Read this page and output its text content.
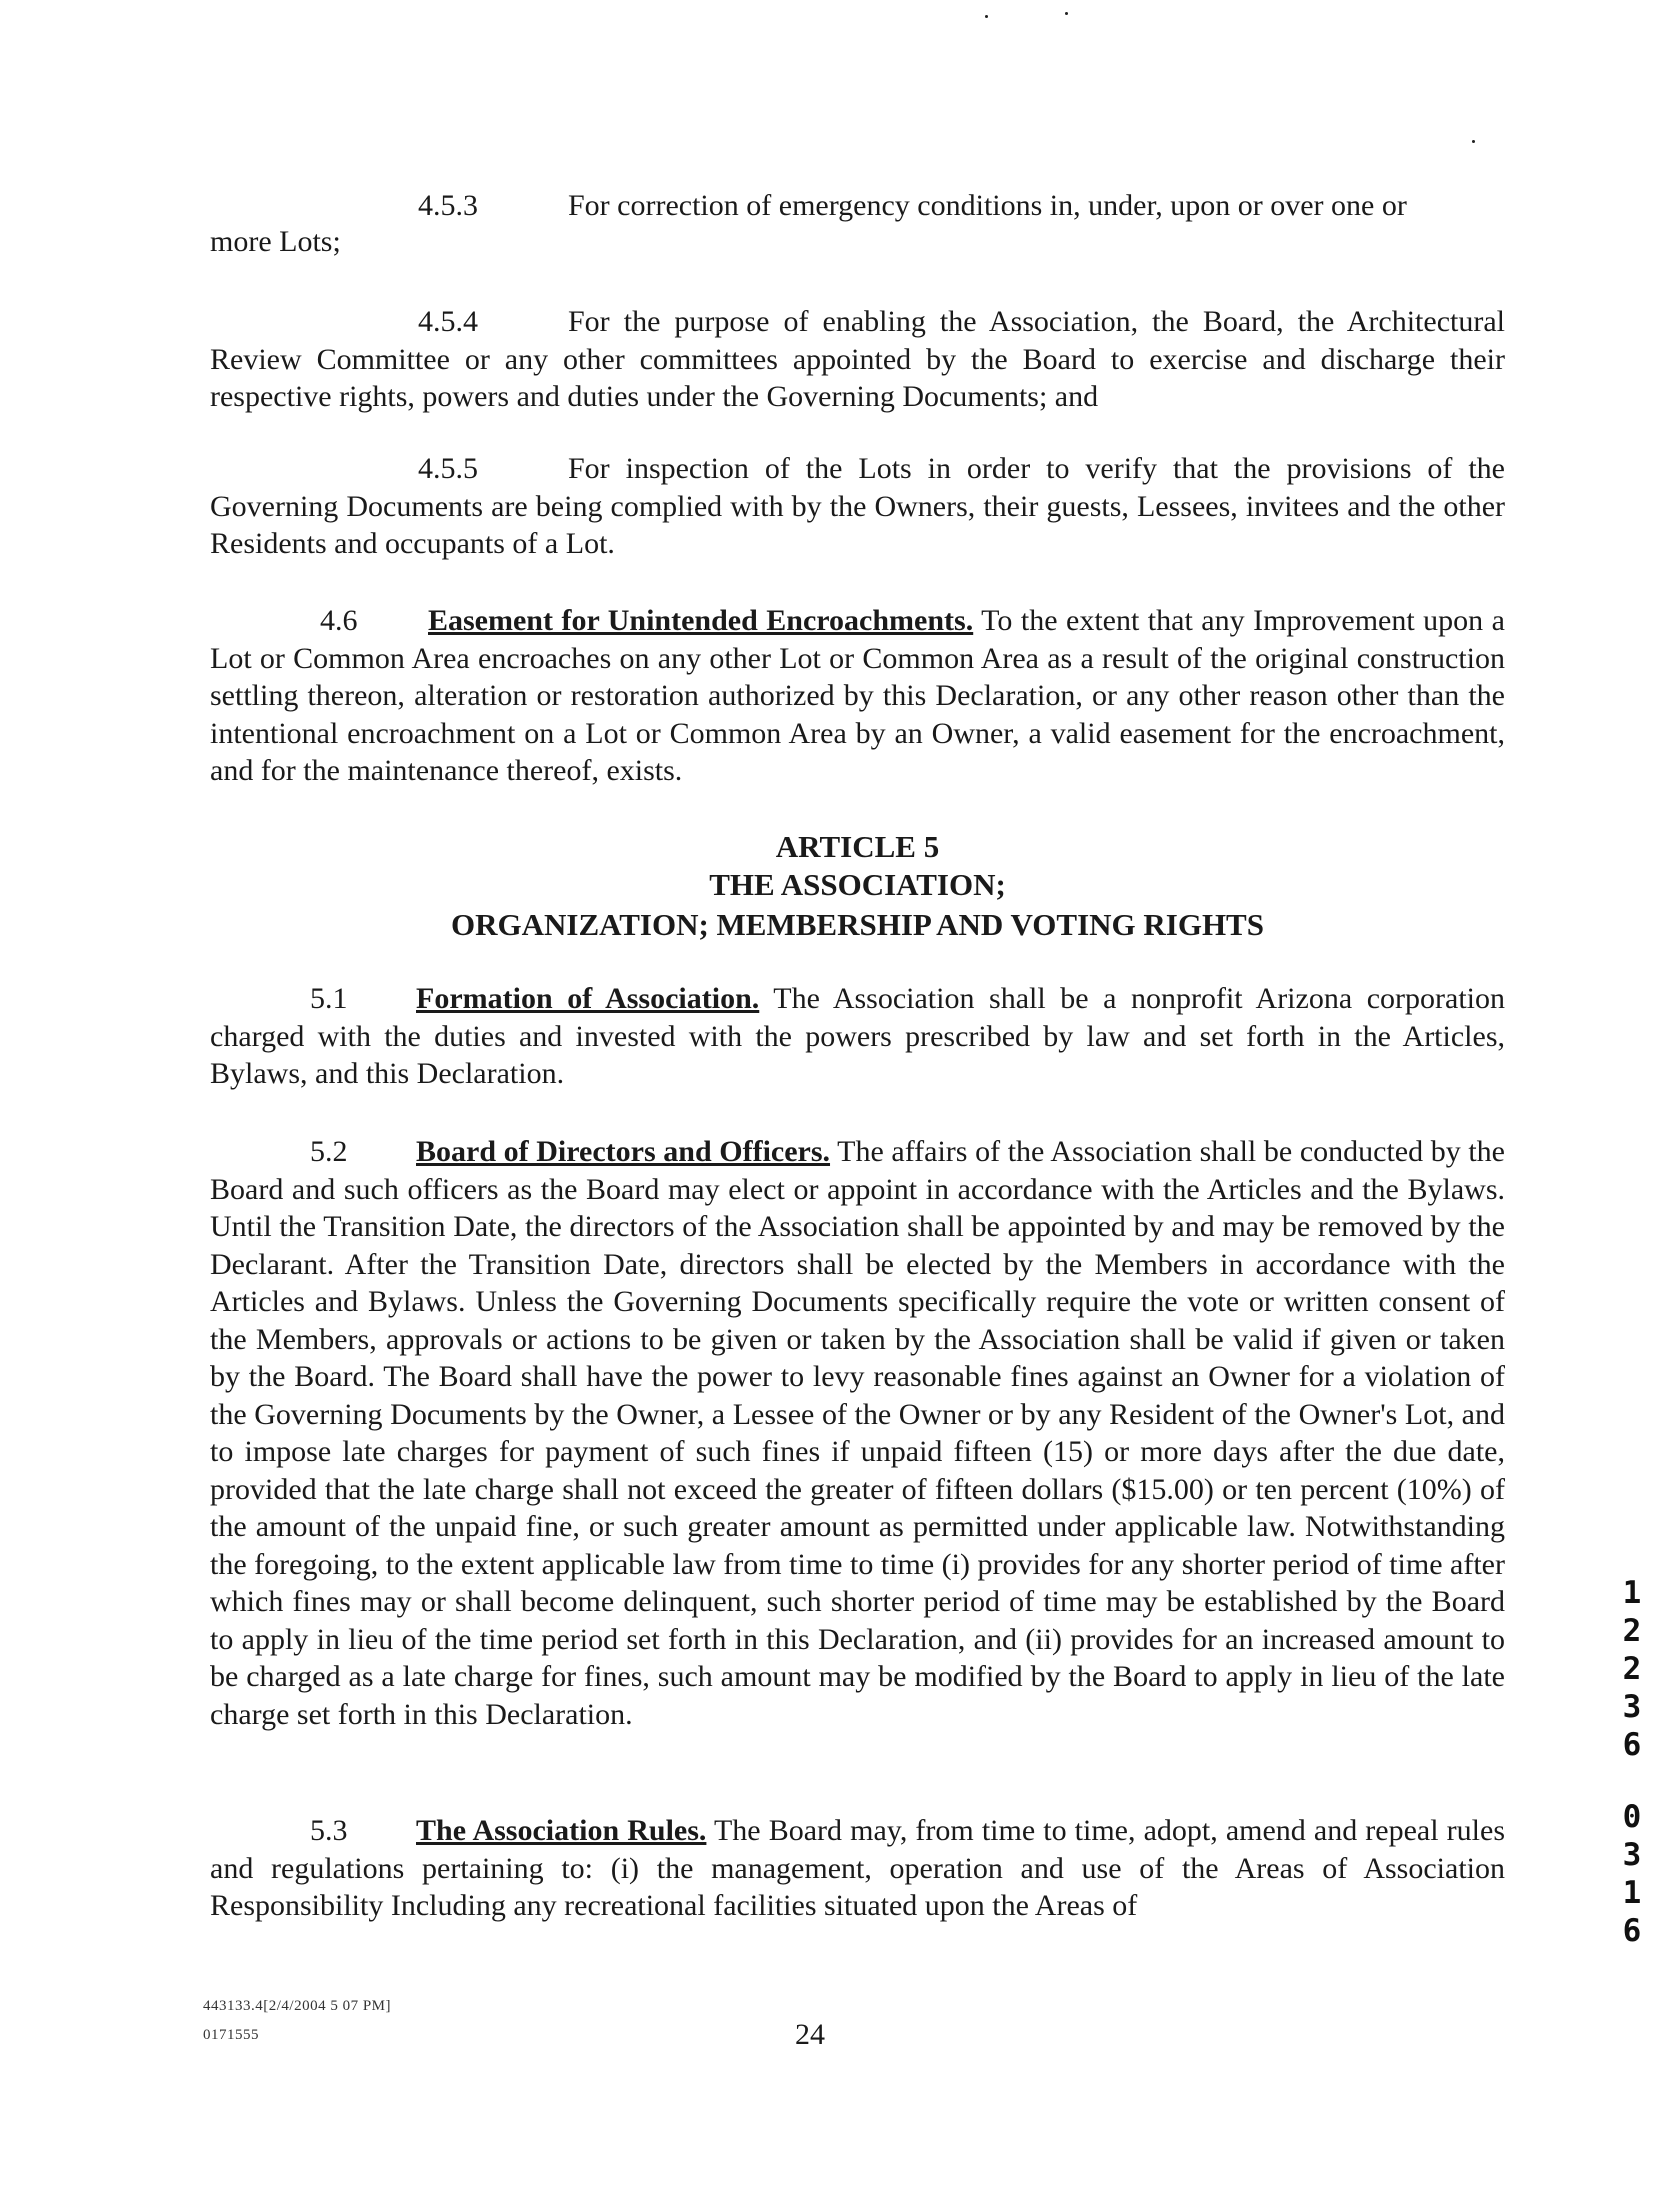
4.5.3	For correction of emergency conditions in, under, upon or over one or
more Lots;
4.5.4	For the purpose of enabling the Association, the Board, the Architectural Review Committee or any other committees appointed by the Board to exercise and discharge their respective rights, powers and duties under the Governing Documents; and
4.5.5	For inspection of the Lots in order to verify that the provisions of the Governing Documents are being complied with by the Owners, their guests, Lessees, invitees and the other Residents and occupants of a Lot.
4.6 Easement for Unintended Encroachments. To the extent that any Improvement upon a Lot or Common Area encroaches on any other Lot or Common Area as a result of the original construction settling thereon, alteration or restoration authorized by this Declaration, or any other reason other than the intentional encroachment on a Lot or Common Area by an Owner, a valid easement for the encroachment, and for the maintenance thereof, exists.
ARTICLE 5
THE ASSOCIATION;
ORGANIZATION; MEMBERSHIP AND VOTING RIGHTS
5.1 Formation of Association. The Association shall be a nonprofit Arizona corporation charged with the duties and invested with the powers prescribed by law and set forth in the Articles, Bylaws, and this Declaration.
5.2 Board of Directors and Officers. The affairs of the Association shall be conducted by the Board and such officers as the Board may elect or appoint in accordance with the Articles and the Bylaws. Until the Transition Date, the directors of the Association shall be appointed by and may be removed by the Declarant. After the Transition Date, directors shall be elected by the Members in accordance with the Articles and Bylaws. Unless the Governing Documents specifically require the vote or written consent of the Members, approvals or actions to be given or taken by the Association shall be valid if given or taken by the Board. The Board shall have the power to levy reasonable fines against an Owner for a violation of the Governing Documents by the Owner, a Lessee of the Owner or by any Resident of the Owner's Lot, and to impose late charges for payment of such fines if unpaid fifteen (15) or more days after the due date, provided that the late charge shall not exceed the greater of fifteen dollars ($15.00) or ten percent (10%) of the amount of the unpaid fine, or such greater amount as permitted under applicable law. Notwithstanding the foregoing, to the extent applicable law from time to time (i) provides for any shorter period of time after which fines may or shall become delinquent, such shorter period of time may be established by the Board to apply in lieu of the time period set forth in this Declaration, and (ii) provides for an increased amount to be charged as a late charge for fines, such amount may be modified by the Board to apply in lieu of the late charge set forth in this Declaration.
5.3 The Association Rules. The Board may, from time to time, adopt, amend and repeal rules and regulations pertaining to: (i) the management, operation and use of the Areas of Association Responsibility Including any recreational facilities situated upon the Areas of
443133.4[2/4/2004 5 07 PM]
0171555	24
1
2
2
3
6
0
3
1
6
